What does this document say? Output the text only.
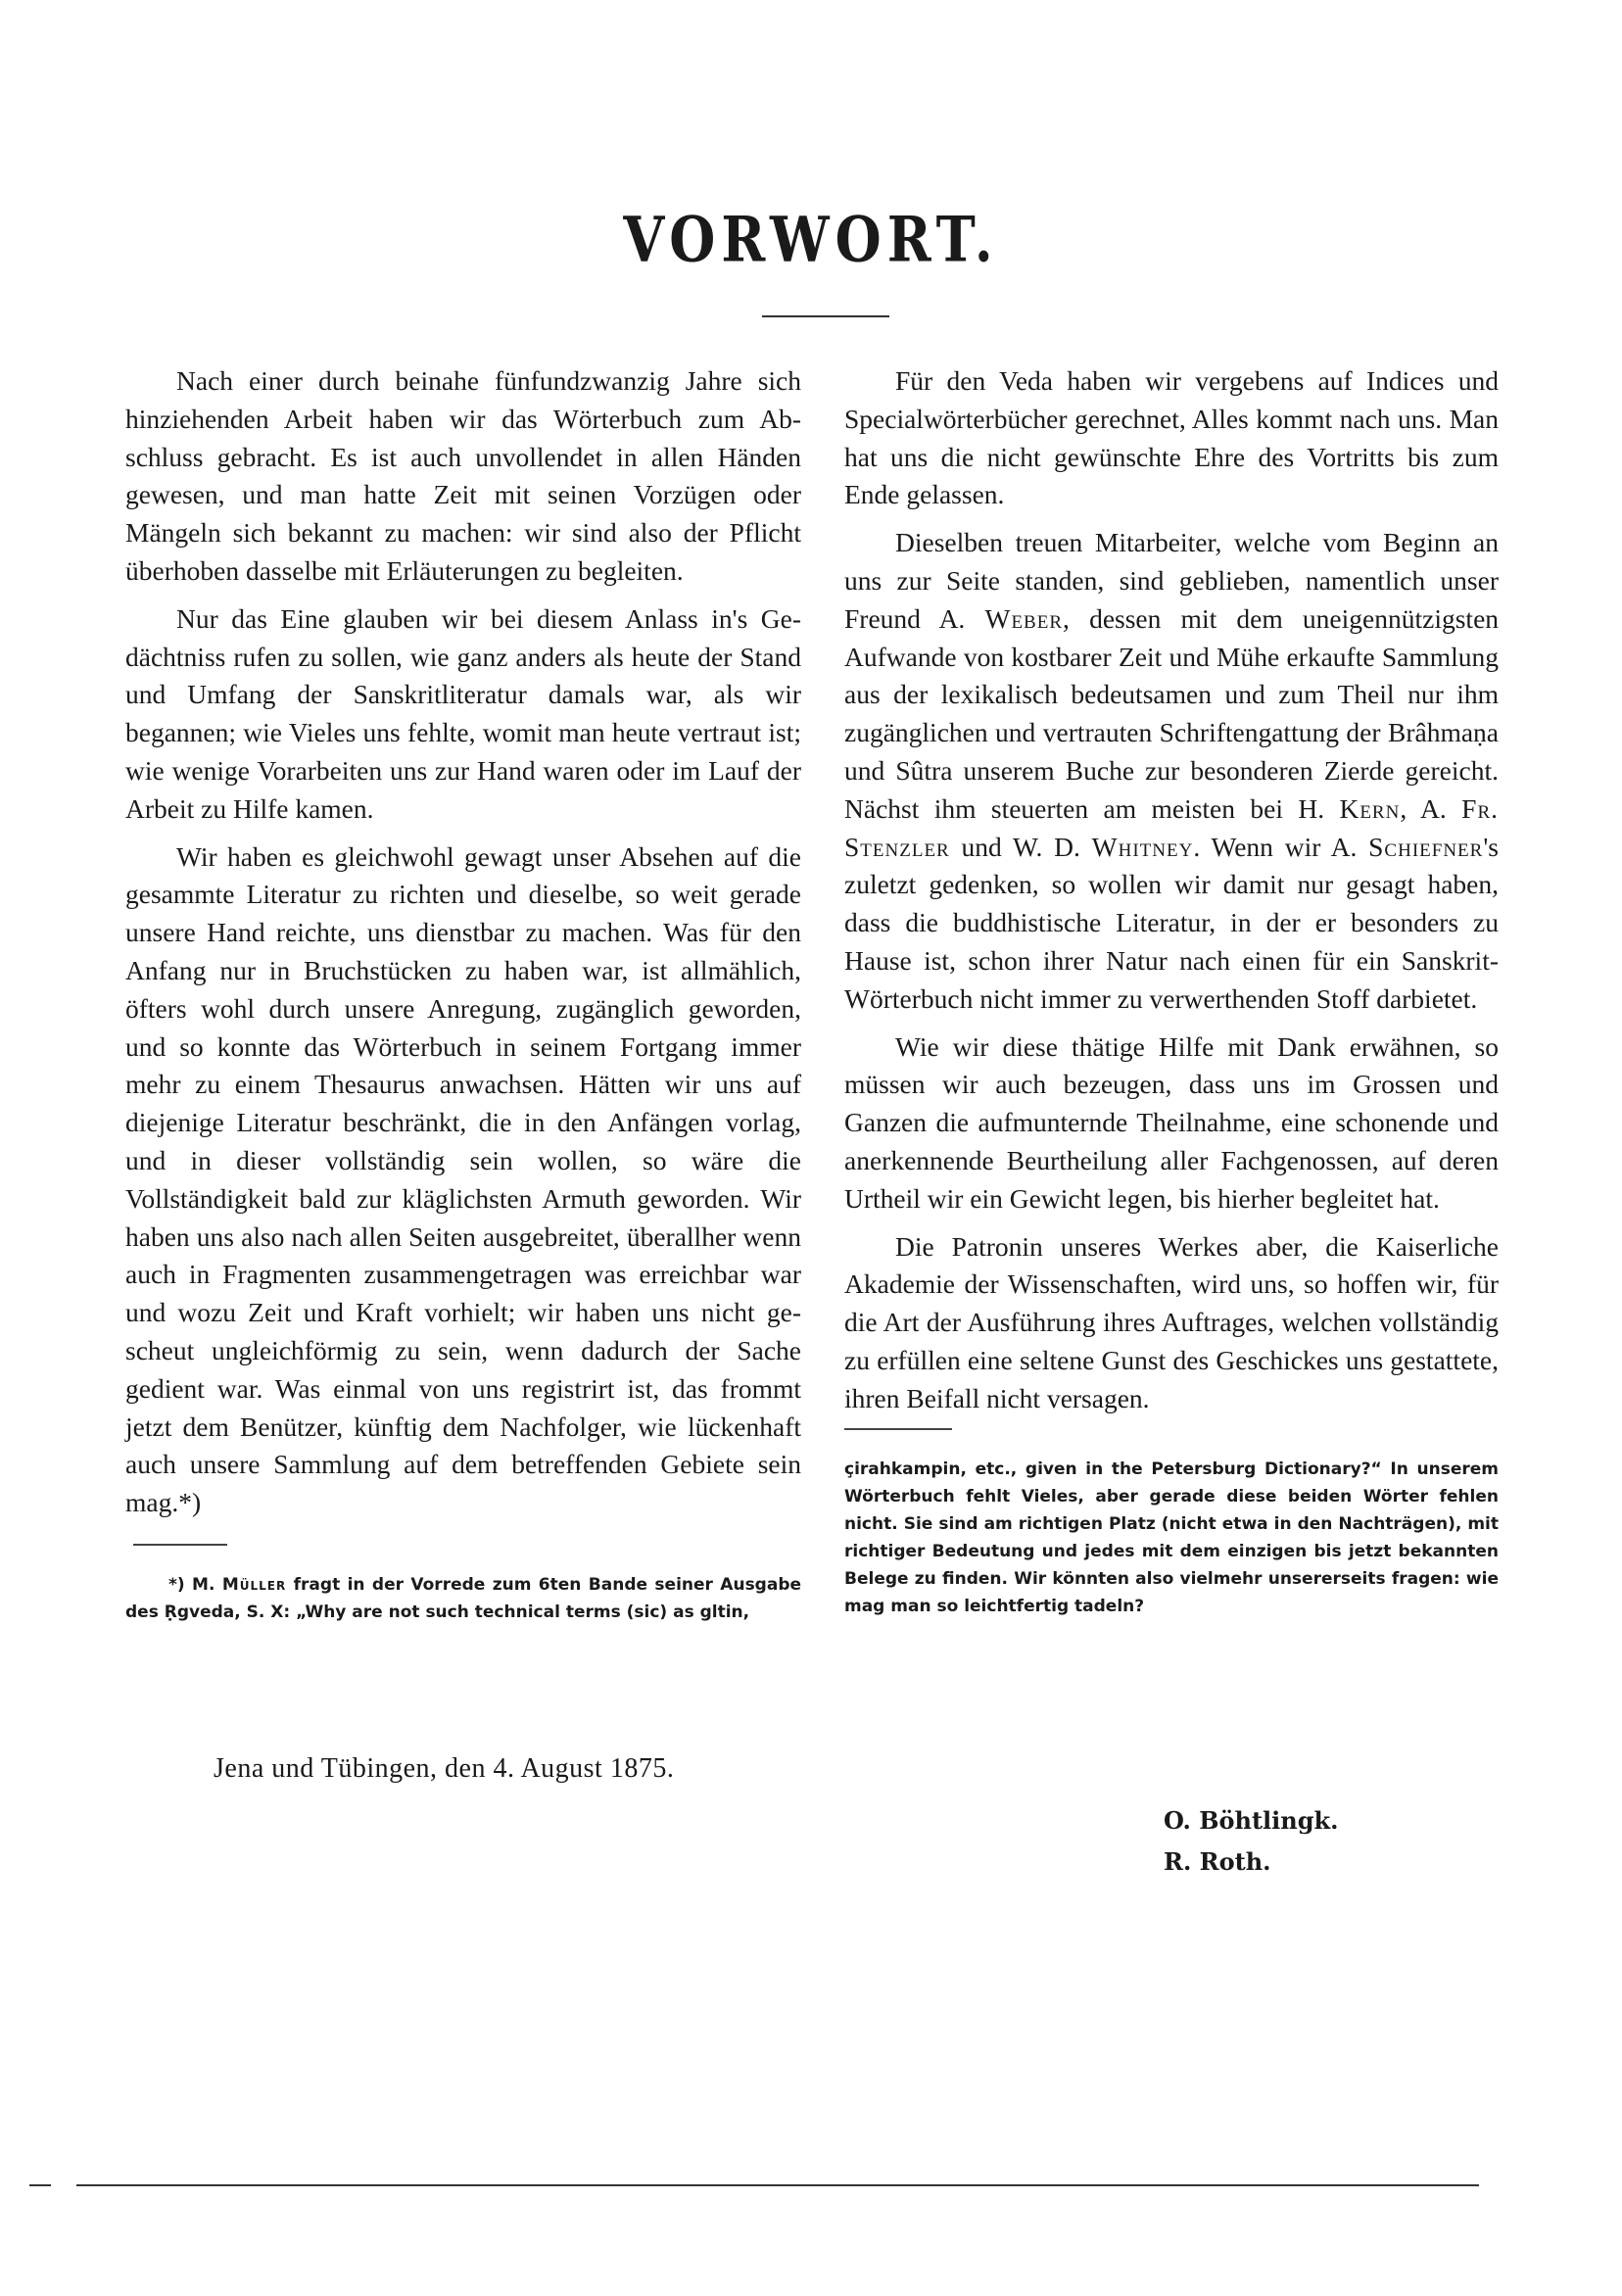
VORWORT.

Nach einer durch beinahe fünfundzwanzig Jahre sich hinziehenden Arbeit haben wir das Wörterbuch zum Abschluss gebracht. Es ist auch unvollendet in allen Händen gewesen, und man hatte Zeit mit seinen Vorzügen oder Mängeln sich bekannt zu machen: wir sind also der Pflicht überhoben dasselbe mit Erläuterungen zu begleiten.

Nur das Eine glauben wir bei diesem Anlass in's Gedächtniss rufen zu sollen, wie ganz anders als heute der Stand und Umfang der Sanskritliteratur damals war, als wir begannen; wie Vieles uns fehlte, womit man heute vertraut ist; wie wenige Vorarbeiten uns zur Hand waren oder im Lauf der Arbeit zu Hilfe kamen.

Wir haben es gleichwohl gewagt unser Absehen auf die gesammte Literatur zu richten und dieselbe, so weit gerade unsere Hand reichte, uns dienstbar zu machen. Was für den Anfang nur in Bruchstücken zu haben war, ist allmählich, öfters wohl durch unsere Anregung, zugänglich geworden, und so konnte das Wörterbuch in seinem Fortgang immer mehr zu einem Thesaurus anwachsen. Hätten wir uns auf diejenige Literatur beschränkt, die in den Anfängen vorlag, und in dieser vollständig sein wollen, so wäre die Vollständigkeit bald zur kläglichsten Armuth geworden. Wir haben uns also nach allen Seiten ausgebreitet, überallher wenn auch in Fragmenten zusammengetragen was erreichbar war und wozu Zeit und Kraft vorhielt; wir haben uns nicht gescheut ungleichförmig zu sein, wenn dadurch der Sache gedient war. Was einmal von uns registrirt ist, das frommt jetzt dem Benützer, künftig dem Nachfolger, wie lückenhaft auch unsere Sammlung auf dem betreffenden Gebiete sein mag.*)

*) M. Müller fragt in der Vorrede zum 6ten Bande seiner Ausgabe des Ṛgveda, S. X: „Why are not such technical terms (sic) as gltin,

Für den Veda haben wir vergebens auf Indices und Specialwörterbücher gerechnet, Alles kommt nach uns. Man hat uns die nicht gewünschte Ehre des Vortritts bis zum Ende gelassen.

Dieselben treuen Mitarbeiter, welche vom Beginn an uns zur Seite standen, sind geblieben, namentlich unser Freund A. Weber, dessen mit dem uneigennützigsten Aufwande von kostbarer Zeit und Mühe erkaufte Sammlung aus der lexikalisch bedeutsamen und zum Theil nur ihm zugänglichen und vertrauten Schriftengattung der Brâhmaṇa und Sûtra unserem Buche zur besonderen Zierde gereicht. Nächst ihm steuerten am meisten bei H. Kern, A. Fr. Stenzler und W. D. Whitney. Wenn wir A. Schiefner's zuletzt gedenken, so wollen wir damit nur gesagt haben, dass die buddhistische Literatur, in der er besonders zu Hause ist, schon ihrer Natur nach einen für ein Sanskrit-Wörterbuch nicht immer zu verwerthenden Stoff darbietet.

Wie wir diese thätige Hilfe mit Dank erwähnen, so müssen wir auch bezeugen, dass uns im Grossen und Ganzen die aufmunternde Theilnahme, eine schonende und anerkennende Beurtheilung aller Fachgenossen, auf deren Urtheil wir ein Gewicht legen, bis hierher begleitet hat.

Die Patronin unseres Werkes aber, die Kaiserliche Akademie der Wissenschaften, wird uns, so hoffen wir, für die Art der Ausführung ihres Auftrages, welchen vollständig zu erfüllen eine seltene Gunst des Geschickes uns gestattete, ihren Beifall nicht versagen.

çirahkampin, etc., given in the Petersburg Dictionary?“ In unserem Wörterbuch fehlt Vieles, aber gerade diese beiden Wörter fehlen nicht. Sie sind am richtigen Platz (nicht etwa in den Nachträgen), mit richtiger Bedeutung und jedes mit dem einzigen bis jetzt bekannten Belege zu finden. Wir könnten also vielmehr unsererseits fragen: wie mag man so leichtfertig tadeln?

Jena und Tübingen, den 4. August 1875.

O. Böhtlingk.
R. Roth.
